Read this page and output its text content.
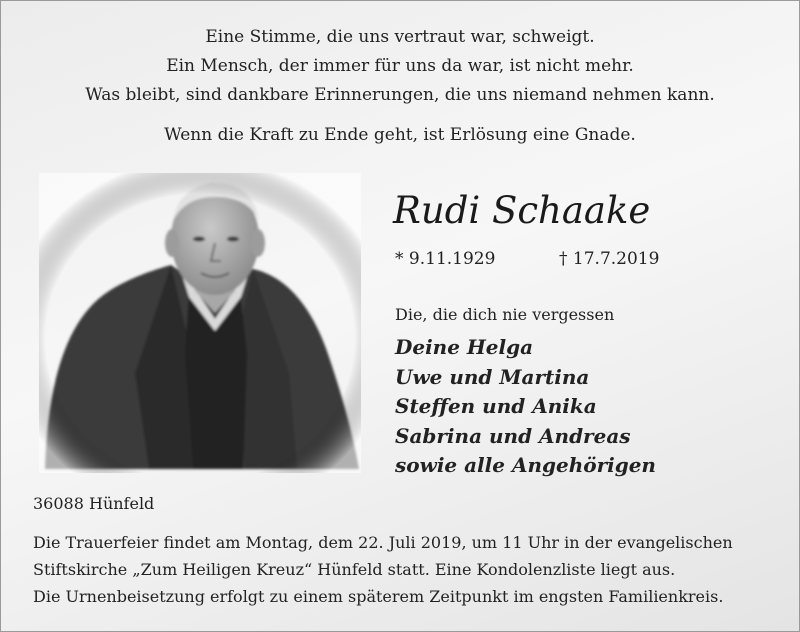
Eine Stimme, die uns vertraut war, schweigt.
Ein Mensch, der immer für uns da war, ist nicht mehr.
Was bleibt, sind dankbare Erinnerungen, die uns niemand nehmen kann.
Wenn die Kraft zu Ende geht, ist Erlösung eine Gnade.
Rudi Schaake
* 9.11.1929	† 17.7.2019
Die, die dich nie vergessen
Deine Helga
Uwe und Martina
Steffen und Anika
Sabrina und Andreas
sowie alle Angehörigen
36088 Hünfeld
Die Trauerfeier findet am Montag, dem 22. Juli 2019, um 11 Uhr in der evangelischen
Stiftskirche „Zum Heiligen Kreuz“ Hünfeld statt. Eine Kondolenzliste liegt aus.
Die Urnenbeisetzung erfolgt zu einem späterem Zeitpunkt im engsten Familienkreis.
